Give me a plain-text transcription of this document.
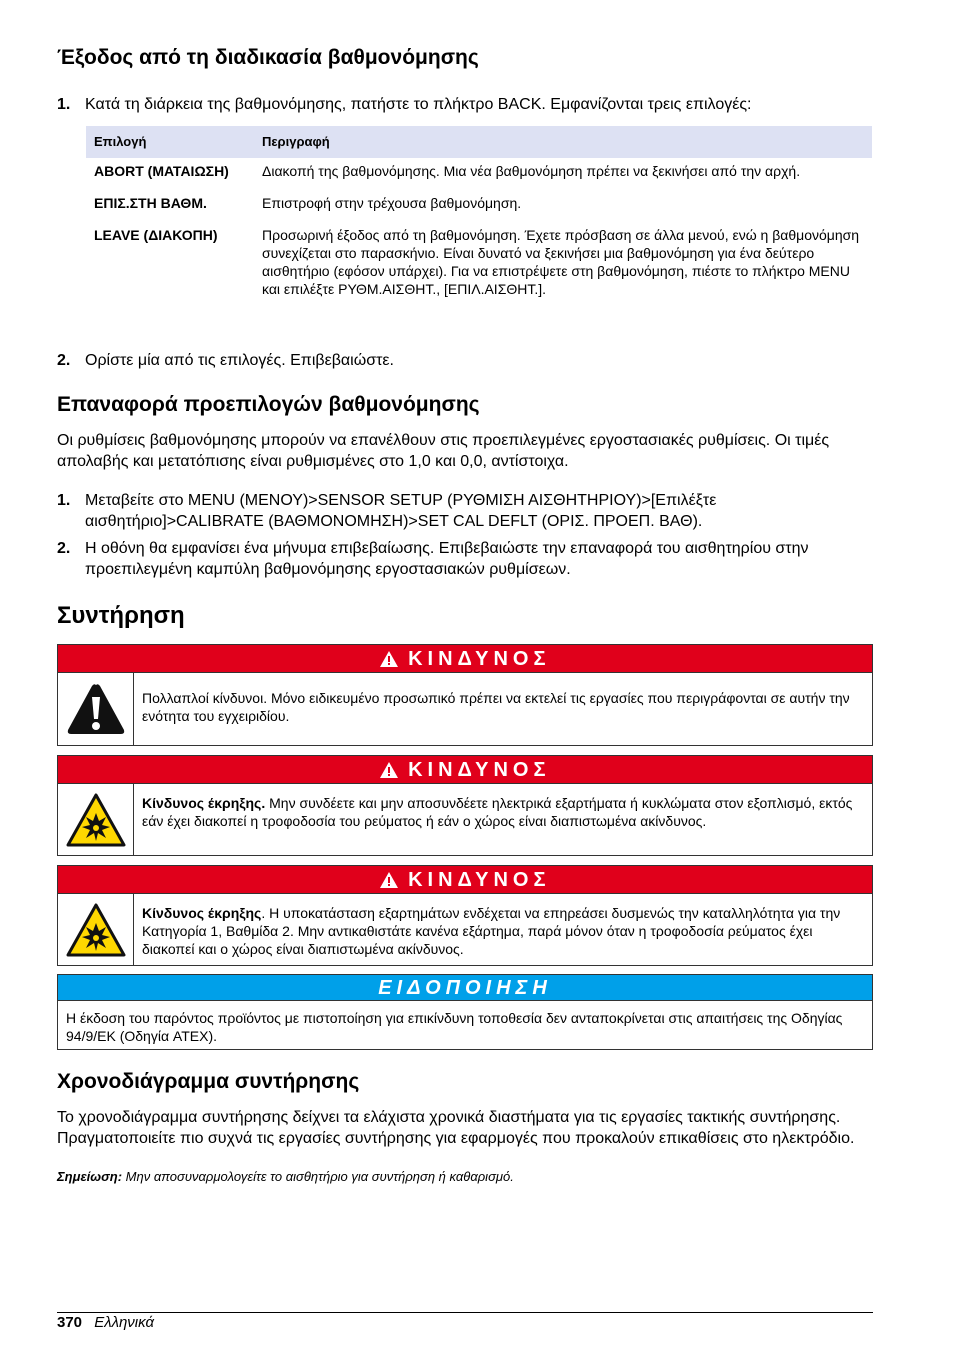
Έξοδος από τη διαδικασία βαθμονόμησης
1. Κατά τη διάρκεια της βαθμονόμησης, πατήστε το πλήκτρο BACK. Εμφανίζονται τρεις επιλογές:
Επιλογή	Περιγραφή
ABORT (ΜΑΤΑΙΩΣΗ)	Διακοπή της βαθμονόμησης. Μια νέα βαθμονόμηση πρέπει να ξεκινήσει από την αρχή.
ΕΠΙΣ.ΣΤΗ ΒΑΘΜ.	Επιστροφή στην τρέχουσα βαθμονόμηση.
LEAVE (ΔΙΑΚΟΠΗ)	Προσωρινή έξοδος από τη βαθμονόμηση. Έχετε πρόσβαση σε άλλα μενού, ενώ η βαθμονόμηση συνεχίζεται στο παρασκήνιο. Είναι δυνατό να ξεκινήσει μια βαθμονόμηση για ένα δεύτερο αισθητήριο (εφόσον υπάρχει). Για να επιστρέψετε στη βαθμονόμηση, πιέστε το πλήκτρο MENU και επιλέξτε ΡΥΘΜ.ΑΙΣΘΗΤ., [ΕΠΙΛ.ΑΙΣΘΗΤ.].
2. Ορίστε μία από τις επιλογές. Επιβεβαιώστε.
Επαναφορά προεπιλογών βαθμονόμησης
Οι ρυθμίσεις βαθμονόμησης μπορούν να επανέλθουν στις προεπιλεγμένες εργοστασιακές ρυθμίσεις. Οι τιμές απολαβής και μετατόπισης είναι ρυθμισμένες στο 1,0 και 0,0, αντίστοιχα.
1. Μεταβείτε στο MENU (ΜΕΝΟΥ)>SENSOR SETUP (ΡΥΘΜΙΣΗ ΑΙΣΘΗΤΗΡΙΟΥ)>[Επιλέξτε αισθητήριο]>CALIBRATE (ΒΑΘΜΟΝΟΜΗΣΗ)>SET CAL DEFLT (ΟΡΙΣ. ΠΡΟΕΠ. ΒΑΘ).
2. Η οθόνη θα εμφανίσει ένα μήνυμα επιβεβαίωσης. Επιβεβαιώστε την επαναφορά του αισθητηρίου στην προεπιλεγμένη καμπύλη βαθμονόμησης εργοστασιακών ρυθμίσεων.
Συντήρηση
ΚΙΝΔΥΝΟΣ
Πολλαπλοί κίνδυνοι. Μόνο ειδικευμένο προσωπικό πρέπει να εκτελεί τις εργασίες που περιγράφονται σε αυτήν την ενότητα του εγχειριδίου.
ΚΙΝΔΥΝΟΣ
Κίνδυνος έκρηξης. Μην συνδέετε και μην αποσυνδέετε ηλεκτρικά εξαρτήματα ή κυκλώματα στον εξοπλισμό, εκτός εάν έχει διακοπεί η τροφοδοσία του ρεύματος ή εάν ο χώρος είναι διαπιστωμένα ακίνδυνος.
ΚΙΝΔΥΝΟΣ
Κίνδυνος έκρηξης. Η υποκατάσταση εξαρτημάτων ενδέχεται να επηρεάσει δυσμενώς την καταλληλότητα για την Κατηγορία 1, Βαθμίδα 2. Μην αντικαθιστάτε κανένα εξάρτημα, παρά μόνον όταν η τροφοδοσία ρεύματος έχει διακοπεί και ο χώρος είναι διαπιστωμένα ακίνδυνος.
ΕΙΔΟΠΟΙΗΣΗ
Η έκδοση του παρόντος προϊόντος με πιστοποίηση για επικίνδυνη τοποθεσία δεν ανταποκρίνεται στις απαιτήσεις της Οδηγίας 94/9/ΕΚ (Οδηγία ATEX).
Χρονοδιάγραμμα συντήρησης
Το χρονοδιάγραμμα συντήρησης δείχνει τα ελάχιστα χρονικά διαστήματα για τις εργασίες τακτικής συντήρησης. Πραγματοποιείτε πιο συχνά τις εργασίες συντήρησης για εφαρμογές που προκαλούν επικαθίσεις στο ηλεκτρόδιο.
Σημείωση: Μην αποσυναρμολογείτε το αισθητήριο για συντήρηση ή καθαρισμό.
370 Ελληνικά
